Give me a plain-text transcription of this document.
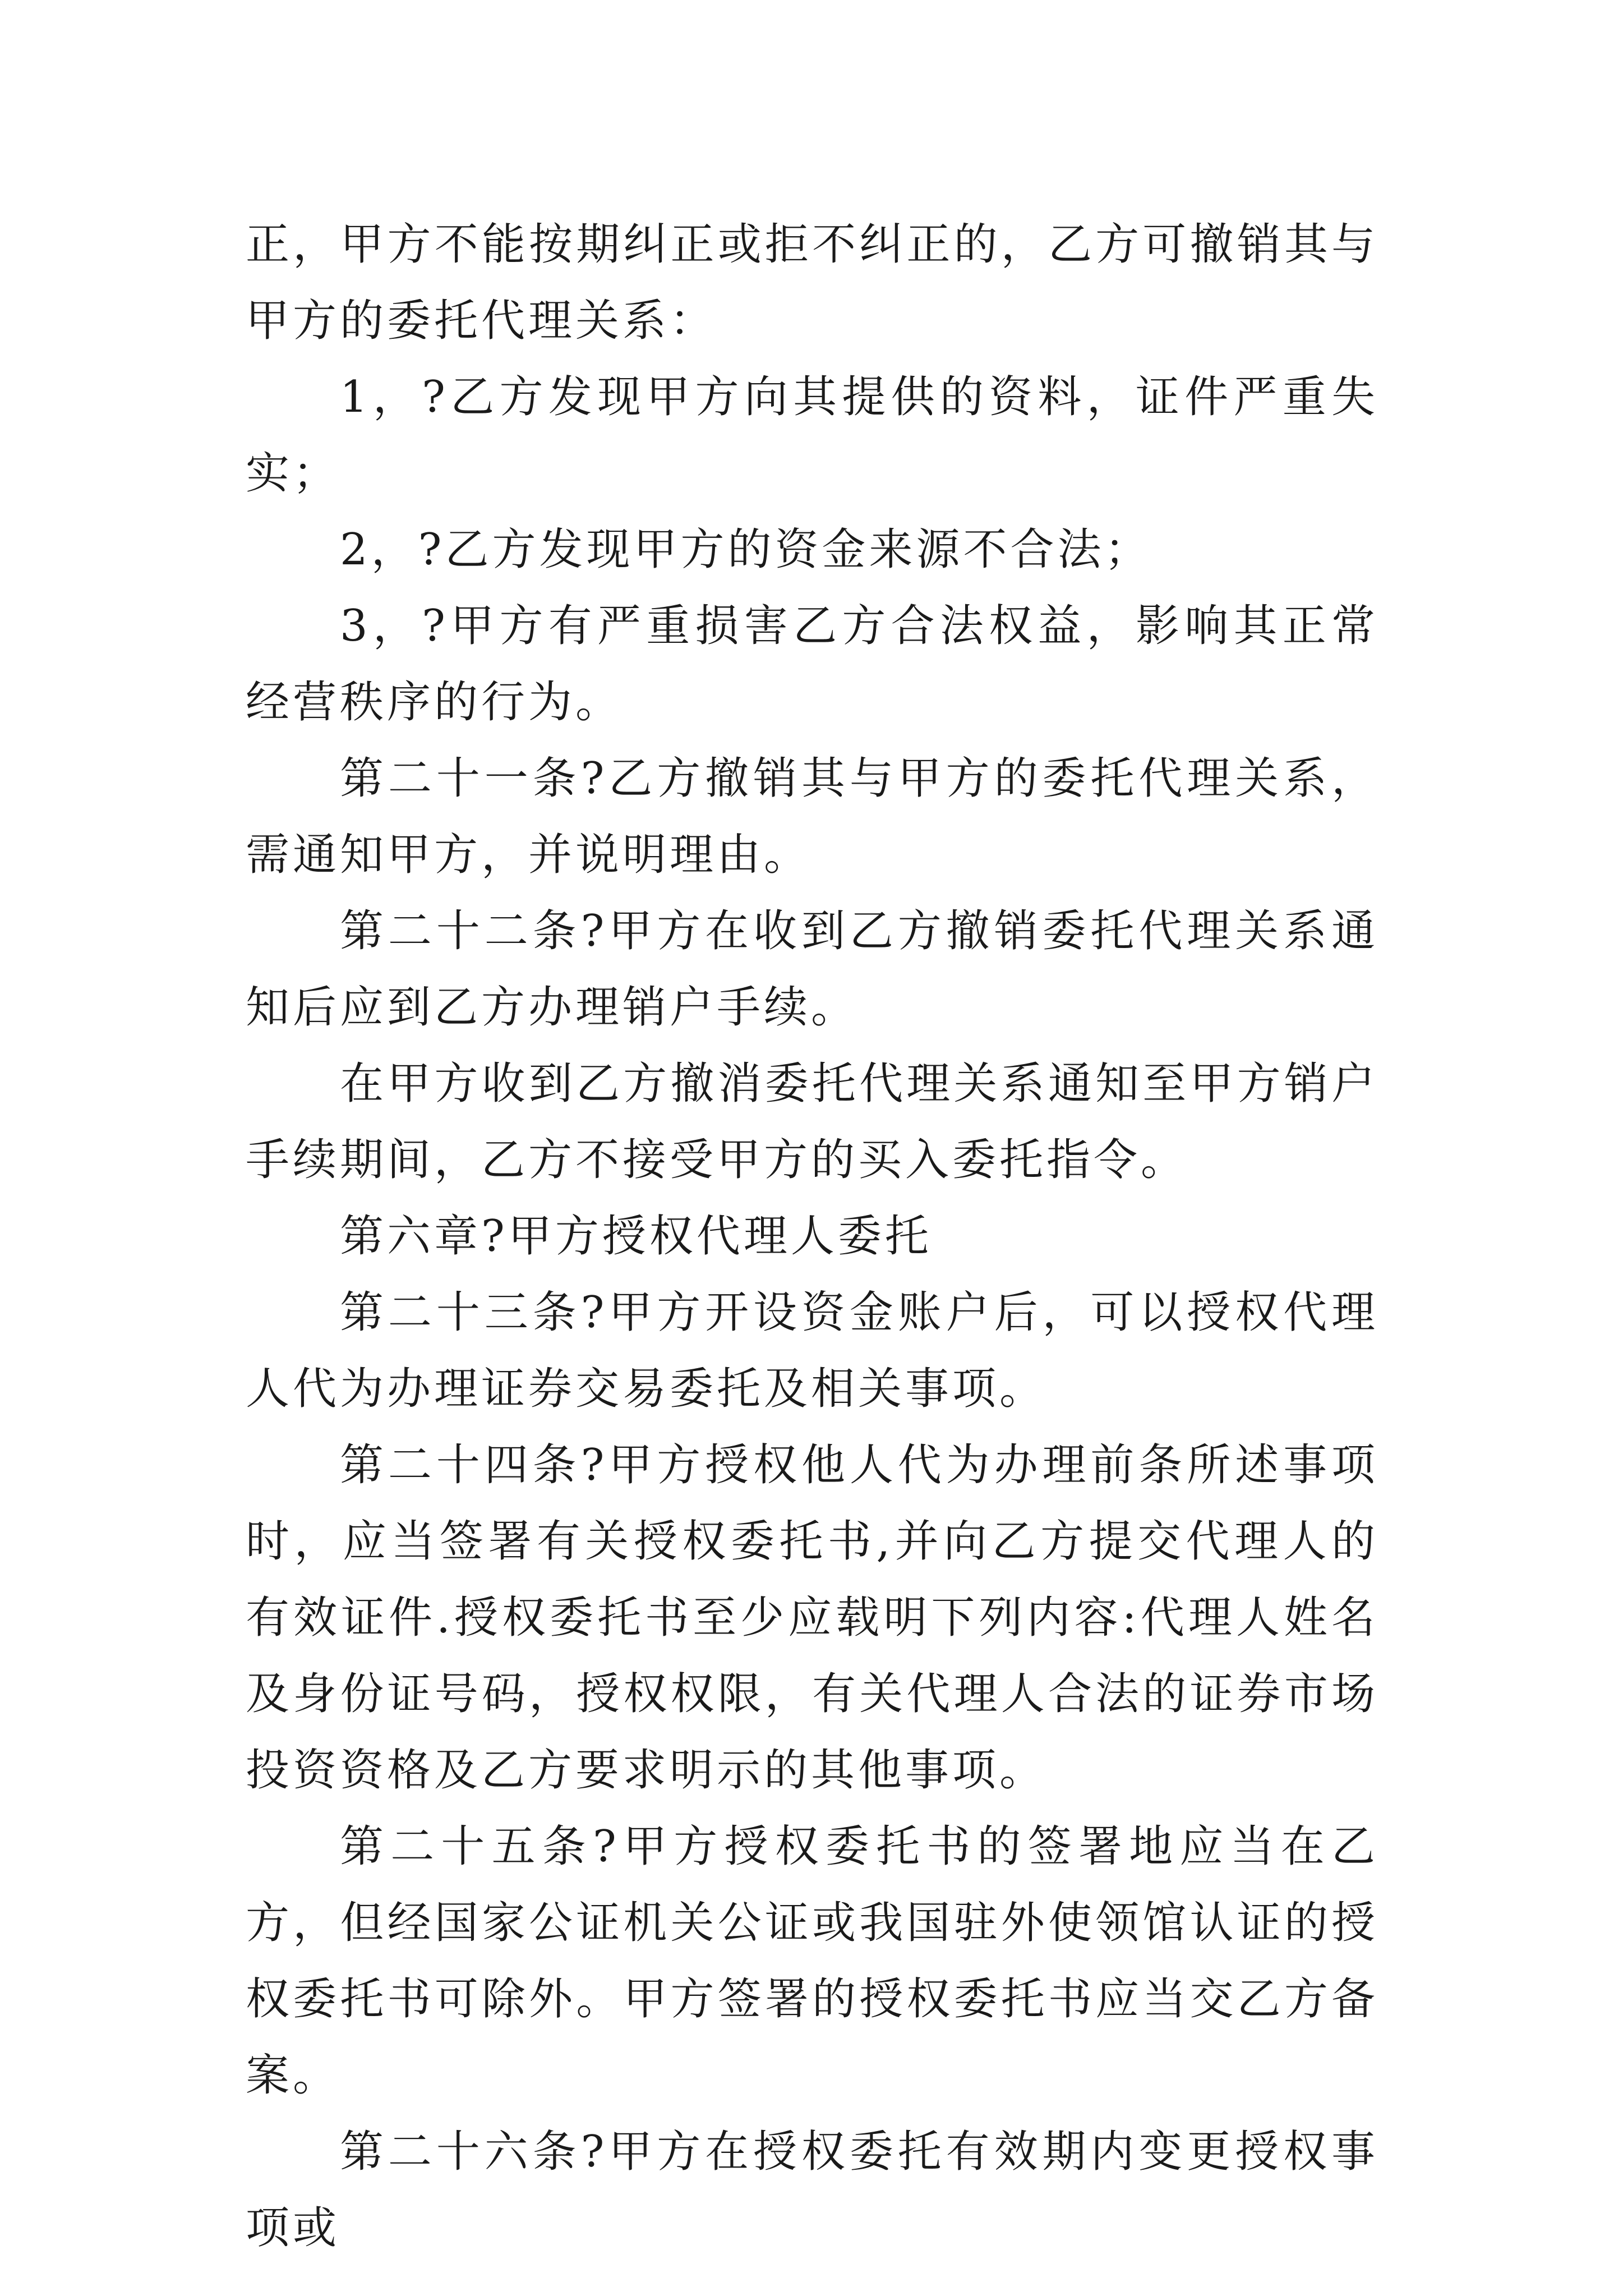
正，甲方不能按期纠正或拒不纠正的，乙方可撤销其与甲方的委托代理关系：

1，?乙方发现甲方向其提供的资料，证件严重失实；

2，?乙方发现甲方的资金来源不合法；

3，?甲方有严重损害乙方合法权益，影响其正常经营秩序的行为。

第二十一条?乙方撤销其与甲方的委托代理关系，需通知甲方，并说明理由。

第二十二条?甲方在收到乙方撤销委托代理关系通知后应到乙方办理销户手续。

在甲方收到乙方撤消委托代理关系通知至甲方销户手续期间，乙方不接受甲方的买入委托指令。

第六章?甲方授权代理人委托

第二十三条?甲方开设资金账户后，可以授权代理人代为办理证券交易委托及相关事项。

第二十四条?甲方授权他人代为办理前条所述事项时，应当签署有关授权委托书,并向乙方提交代理人的有效证件.授权委托书至少应载明下列内容:代理人姓名及身份证号码，授权权限，有关代理人合法的证券市场投资资格及乙方要求明示的其他事项。

第二十五条?甲方授权委托书的签署地应当在乙方，但经国家公证机关公证或我国驻外使领馆认证的授权委托书可除外。甲方签署的授权委托书应当交乙方备案。

第二十六条?甲方在授权委托有效期内变更授权事项或
